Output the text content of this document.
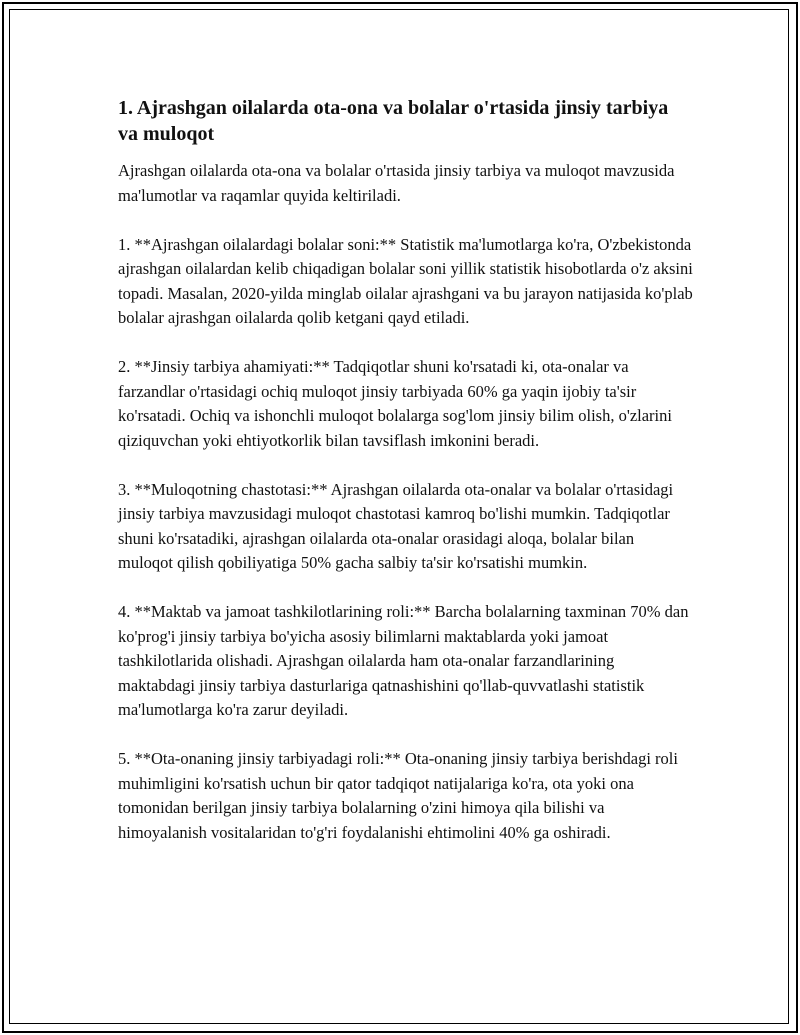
1. Ajrashgan oilalarda ota-ona va bolalar o'rtasida jinsiy tarbiya va muloqot

Ajrashgan oilalarda ota-ona va bolalar o'rtasida jinsiy tarbiya va muloqot mavzusida ma'lumotlar va raqamlar quyida keltiriladi.

1. **Ajrashgan oilalardagi bolalar soni:** Statistik ma'lumotlarga ko'ra, O'zbekistonda ajrashgan oilalardan kelib chiqadigan bolalar soni yillik statistik hisobotlarda o'z aksini topadi. Masalan, 2020-yilda minglab oilalar ajrashgani va bu jarayon natijasida ko'plab bolalar ajrashgan oilalarda qolib ketgani qayd etiladi.

2. **Jinsiy tarbiya ahamiyati:** Tadqiqotlar shuni ko'rsatadi ki, ota-onalar va farzandlar o'rtasidagi ochiq muloqot jinsiy tarbiyada 60% ga yaqin ijobiy ta'sir ko'rsatadi. Ochiq va ishonchli muloqot bolalarga sog'lom jinsiy bilim olish, o'zlarini qiziquvchan yoki ehtiyotkorlik bilan tavsiflash imkonini beradi.

3. **Muloqotning chastotasi:** Ajrashgan oilalarda ota-onalar va bolalar o'rtasidagi jinsiy tarbiya mavzusidagi muloqot chastotasi kamroq bo'lishi mumkin. Tadqiqotlar shuni ko'rsatadiki, ajrashgan oilalarda ota-onalar orasidagi aloqa, bolalar bilan muloqot qilish qobiliyatiga 50% gacha salbiy ta'sir ko'rsatishi mumkin.

4. **Maktab va jamoat tashkilotlarining roli:** Barcha bolalarning taxminan 70% dan ko'prog'i jinsiy tarbiya bo'yicha asosiy bilimlarni maktablarda yoki jamoat tashkilotlarida olishadi. Ajrashgan oilalarda ham ota-onalar farzandlarining maktabdagi jinsiy tarbiya dasturlariga qatnashishini qo'llab-quvvatlashi statistik ma'lumotlarga ko'ra zarur deyiladi.

5. **Ota-onaning jinsiy tarbiyadagi roli:** Ota-onaning jinsiy tarbiya berishdagi roli muhimligini ko'rsatish uchun bir qator tadqiqot natijalariga ko'ra, ota yoki ona tomonidan berilgan jinsiy tarbiya bolalarning o'zini himoya qila bilishi va himoyalanish vositalaridan to'g'ri foydalanishi ehtimolini 40% ga oshiradi.
